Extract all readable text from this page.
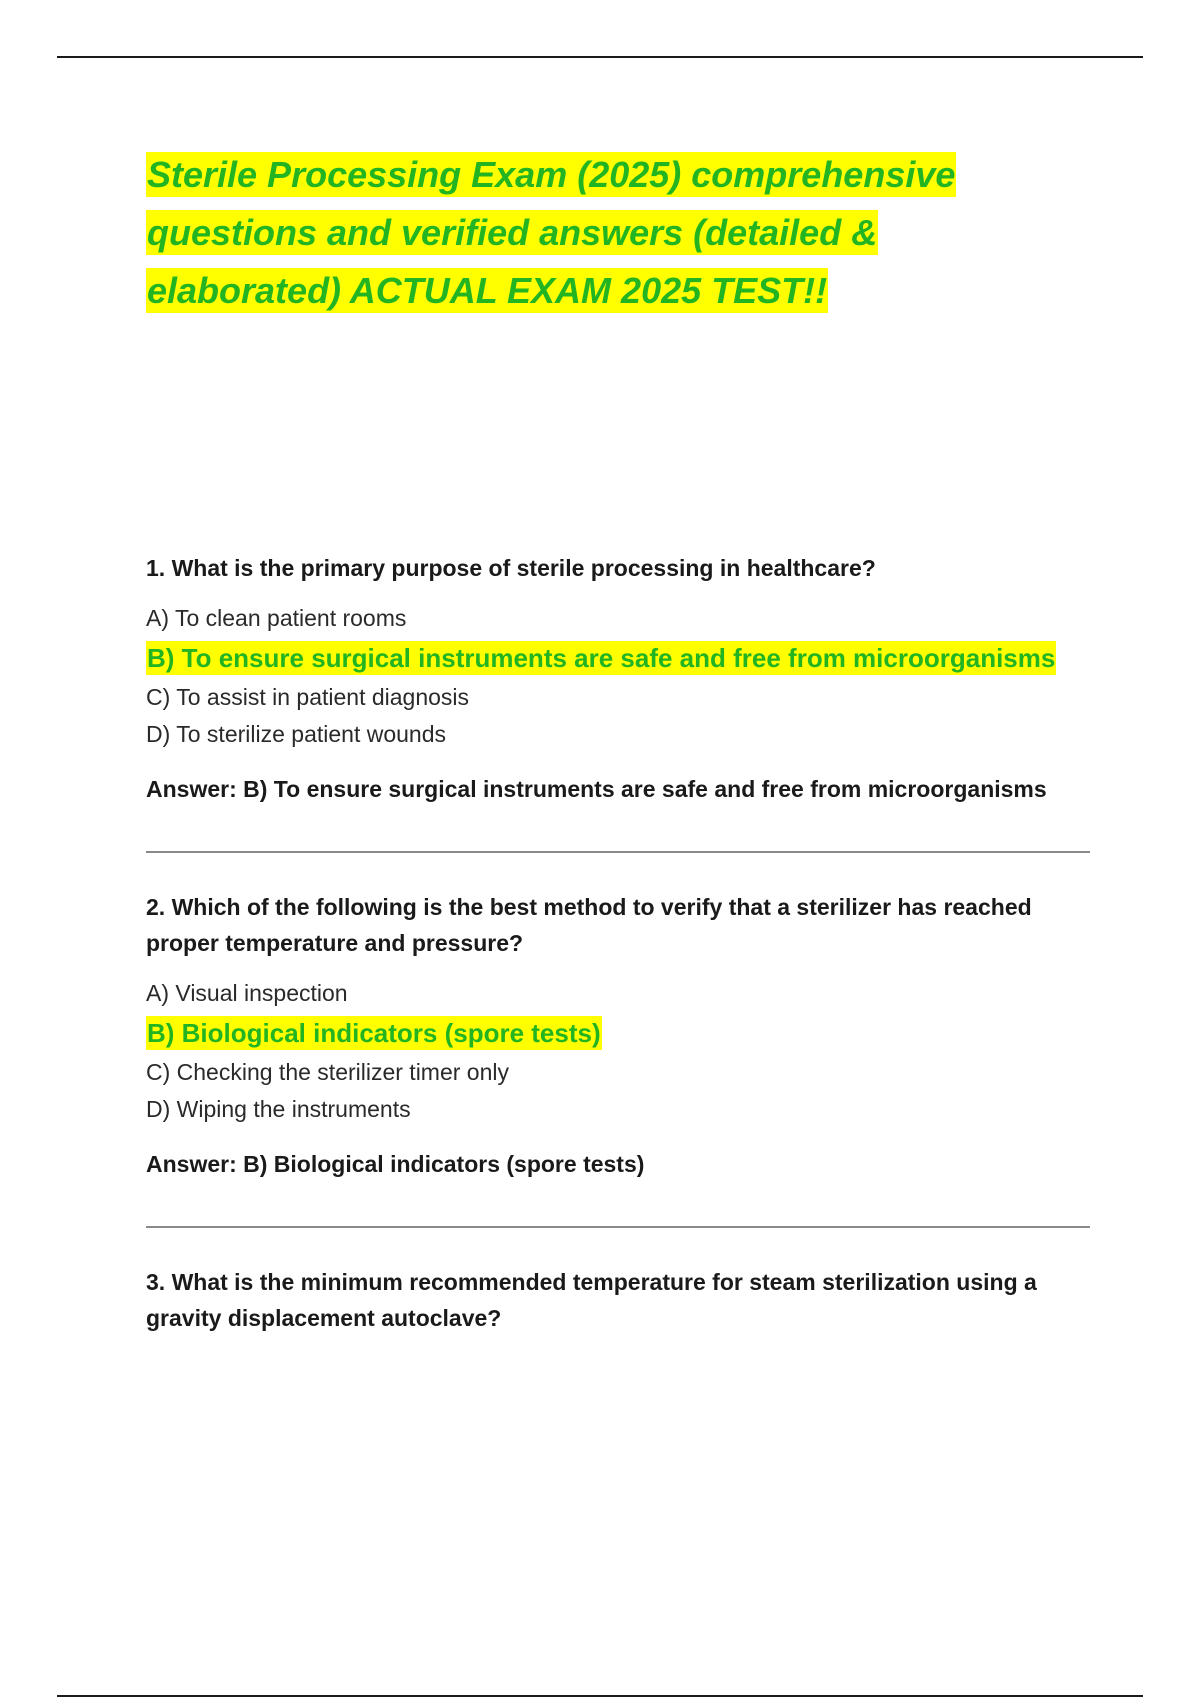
Sterile Processing Exam (2025) comprehensive questions and verified answers (detailed & elaborated) ACTUAL EXAM 2025 TEST!!

1. What is the primary purpose of sterile processing in healthcare?

A) To clean patient rooms
B) To ensure surgical instruments are safe and free from microorganisms
C) To assist in patient diagnosis
D) To sterilize patient wounds

Answer: B) To ensure surgical instruments are safe and free from microorganisms

2. Which of the following is the best method to verify that a sterilizer has reached proper temperature and pressure?

A) Visual inspection
B) Biological indicators (spore tests)
C) Checking the sterilizer timer only
D) Wiping the instruments

Answer: B) Biological indicators (spore tests)

3. What is the minimum recommended temperature for steam sterilization using a gravity displacement autoclave?
